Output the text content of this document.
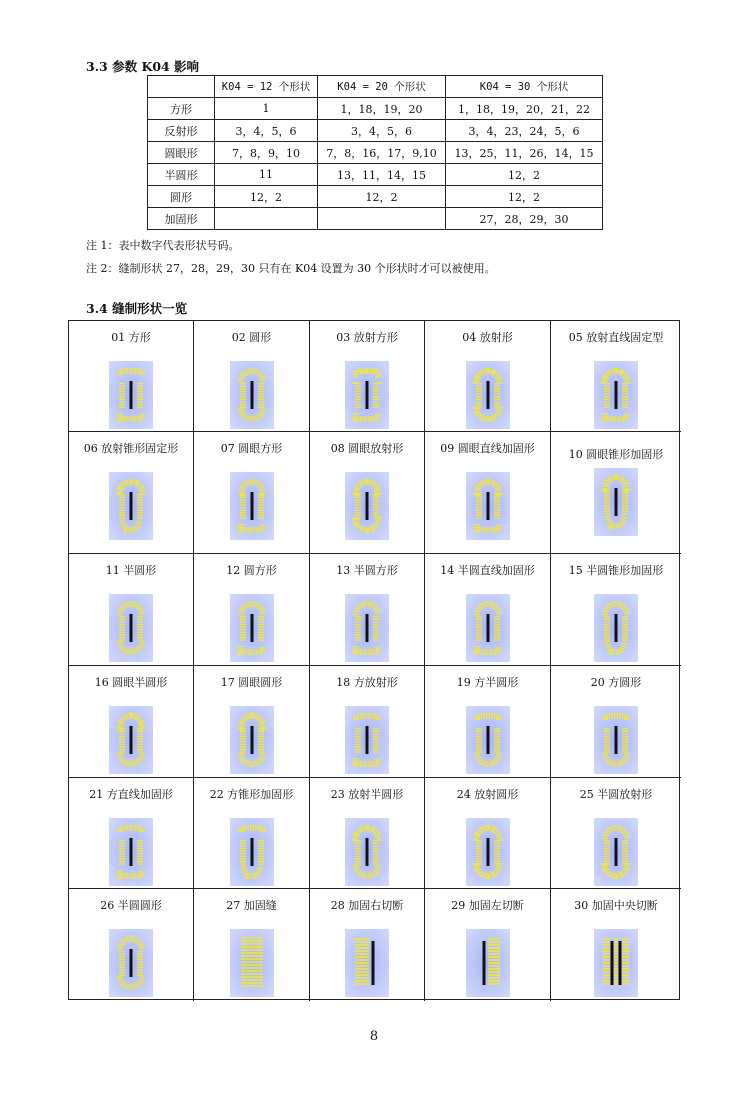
3.3 参数 K04 影响
	K04 = 12 个形状	K04 = 20 个形状	K04 = 30 个形状
方形	1	1，18，19，20	1，18，19，20，21，22
反射形	3，4，5，6	3，4，5，6	3，4，23，24，5，6
圆眼形	7，8，9，10	7，8，16，17，9,10	13，25，11，26，14，15
半圆形	11	13，11，14，15	12，2
圆形	12，2	12，2	12，2
加固形			27，28，29，30
注 1：表中数字代表形状号码。
注 2：缝制形状 27，28，29，30 只有在 K04 设置为 30 个形状时才可以被使用。
3.4 缝制形状一览
01 方形	02 圆形	03 放射方形	04 放射形	05 放射直线固定型
06 放射锥形固定形	07 圆眼方形	08 圆眼放射形	09 圆眼直线加固形	10 圆眼锥形加固形
11 半圆形	12 圆方形	13 半圆方形	14 半圆直线加固形	15 半圆锥形加固形
16 圆眼半圆形	17 圆眼圆形	18 方放射形	19 方半圆形	20 方圆形
21 方直线加固形	22 方锥形加固形	23 放射半圆形	24 放射圆形	25 半圆放射形
26 半圆圆形	27 加固缝	28 加固右切断	29 加固左切断	30 加固中央切断
8
